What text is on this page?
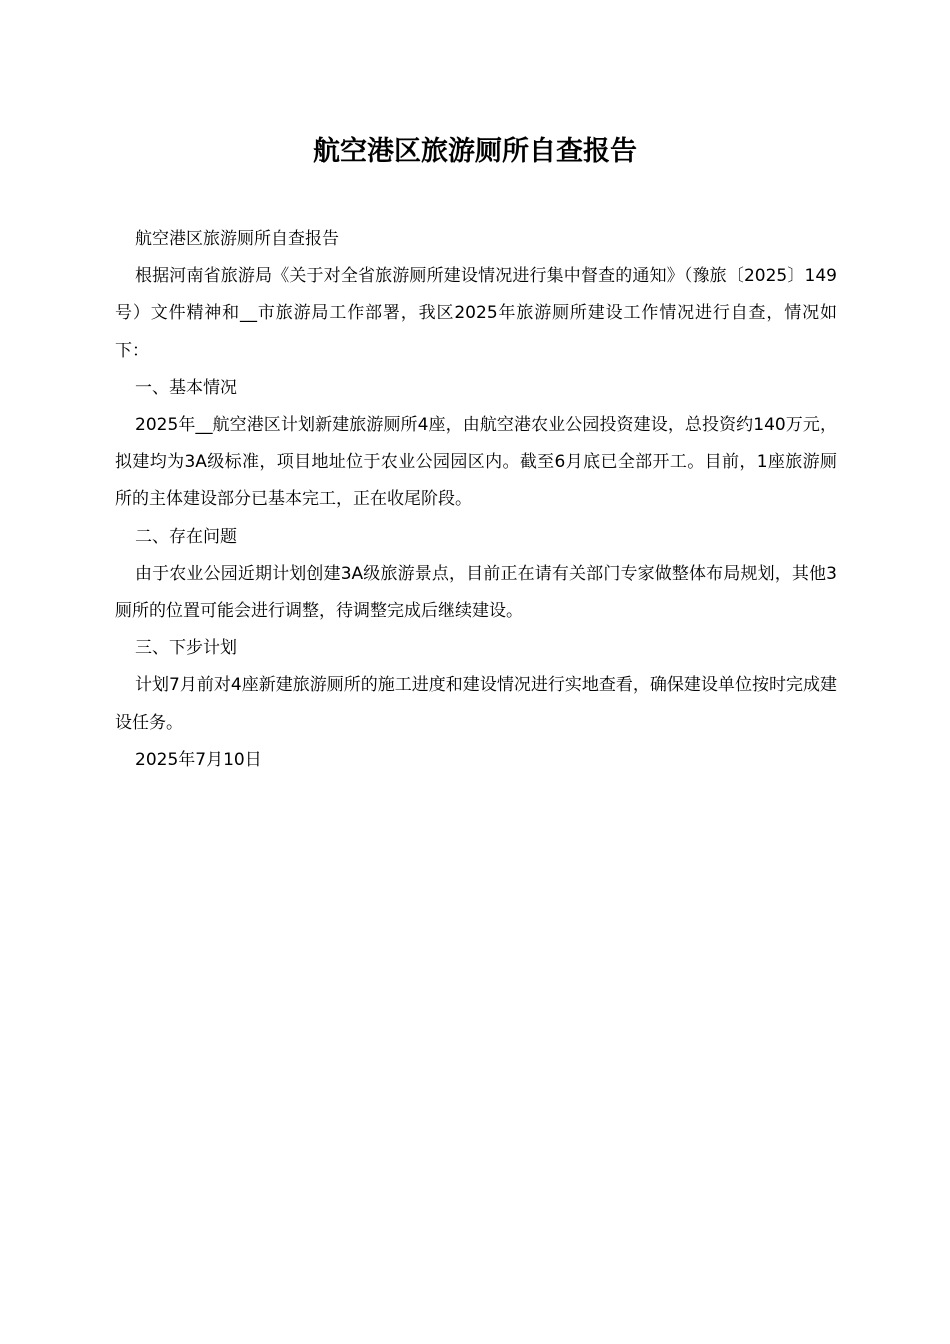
航空港区旅游厕所自查报告

航空港区旅游厕所自查报告

根据河南省旅游局《关于对全省旅游厕所建设情况进行集中督查的通知》（豫旅〔2025〕149号）文件精神和__市旅游局工作部署，我区2025年旅游厕所建设工作情况进行自查，情况如下：

一、基本情况

2025年__航空港区计划新建旅游厕所4座，由航空港农业公园投资建设，总投资约140万元，拟建均为3A级标准，项目地址位于农业公园园区内。截至6月底已全部开工。目前，1座旅游厕所的主体建设部分已基本完工，正在收尾阶段。

二、存在问题

由于农业公园近期计划创建3A级旅游景点，目前正在请有关部门专家做整体布局规划，其他3厕所的位置可能会进行调整，待调整完成后继续建设。

三、下步计划

计划7月前对4座新建旅游厕所的施工进度和建设情况进行实地查看，确保建设单位按时完成建设任务。

2025年7月10日
